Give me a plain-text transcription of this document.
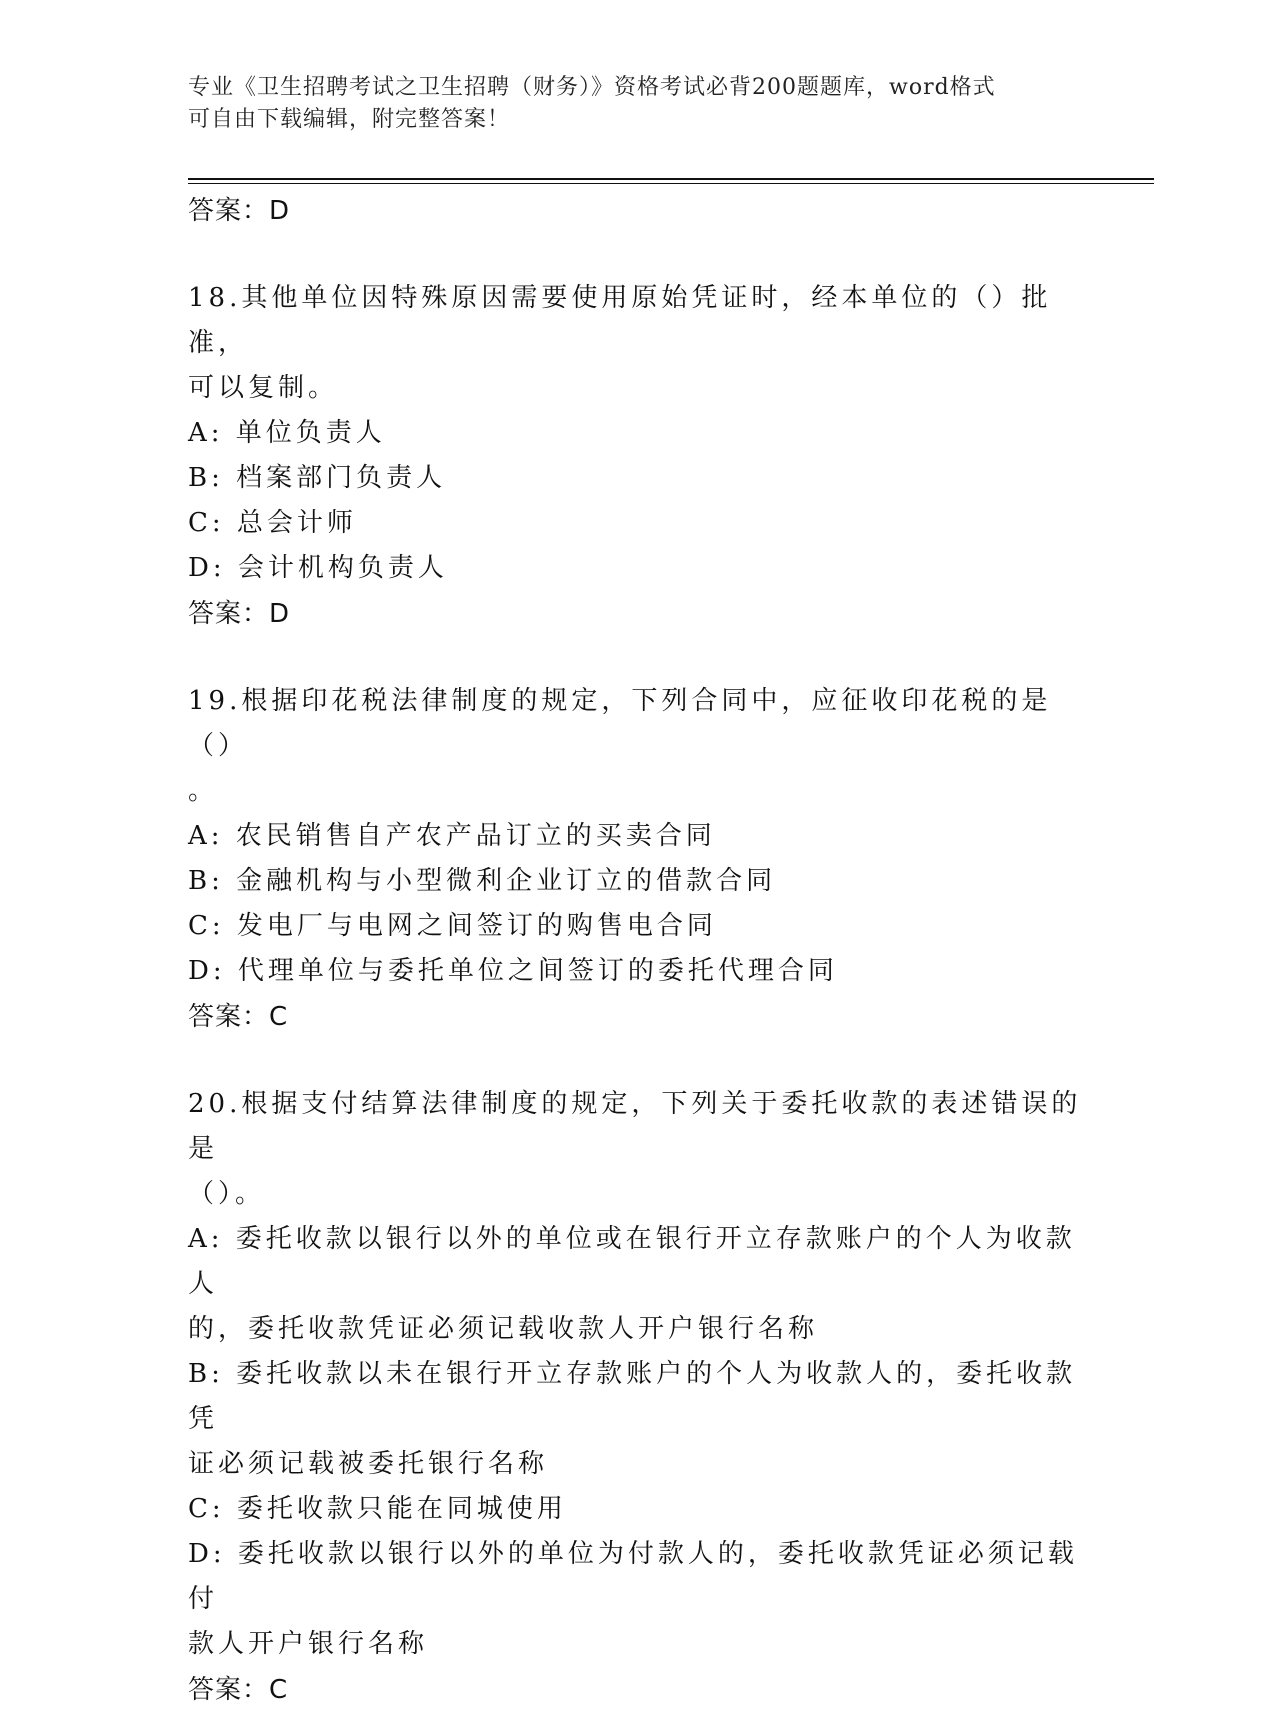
专业《卫生招聘考试之卫生招聘（财务）》资格考试必背200题题库，word格式
可自由下载编辑，附完整答案！
答案：D
18.其他单位因特殊原因需要使用原始凭证时，经本单位的（）批准，
可以复制。
A: 单位负责人
B: 档案部门负责人
C: 总会计师
D: 会计机构负责人
答案：D
19.根据印花税法律制度的规定，下列合同中，应征收印花税的是（）
。
A: 农民销售自产农产品订立的买卖合同
B: 金融机构与小型微利企业订立的借款合同
C: 发电厂与电网之间签订的购售电合同
D: 代理单位与委托单位之间签订的委托代理合同
答案：C
20.根据支付结算法律制度的规定，下列关于委托收款的表述错误的是
（）。
A: 委托收款以银行以外的单位或在银行开立存款账户的个人为收款人
的，委托收款凭证必须记载收款人开户银行名称
B: 委托收款以未在银行开立存款账户的个人为收款人的，委托收款凭
证必须记载被委托银行名称
C: 委托收款只能在同城使用
D: 委托收款以银行以外的单位为付款人的，委托收款凭证必须记载付
款人开户银行名称
答案：C
